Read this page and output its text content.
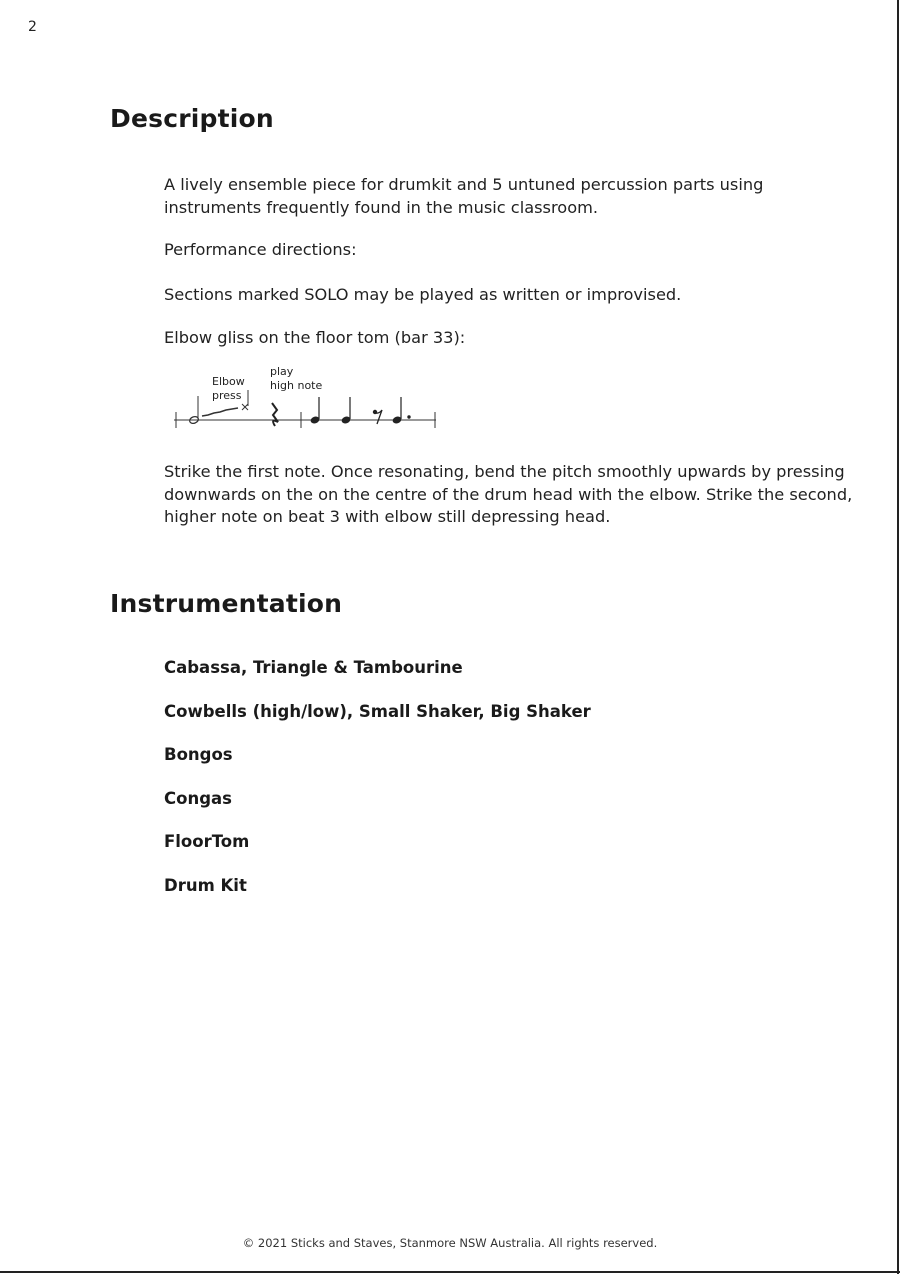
2
Description

A lively ensemble piece for drumkit and 5 untuned percussion parts using instruments frequently found in the music classroom.

Performance directions:

Sections marked SOLO may be played as written or improvised.

Elbow gliss on the floor tom (bar 33):

Elbow
press
play
high note

Strike the first note. Once resonating, bend the pitch smoothly upwards by pressing downwards on the on the centre of the drum head with the elbow. Strike the second, higher note on beat 3 with elbow still depressing head.

Instrumentation
Cabassa, Triangle & Tambourine
Cowbells (high/low), Small Shaker, Big Shaker
Bongos
Congas
FloorTom
Drum Kit
© 2021 Sticks and Staves, Stanmore NSW Australia. All rights reserved.
